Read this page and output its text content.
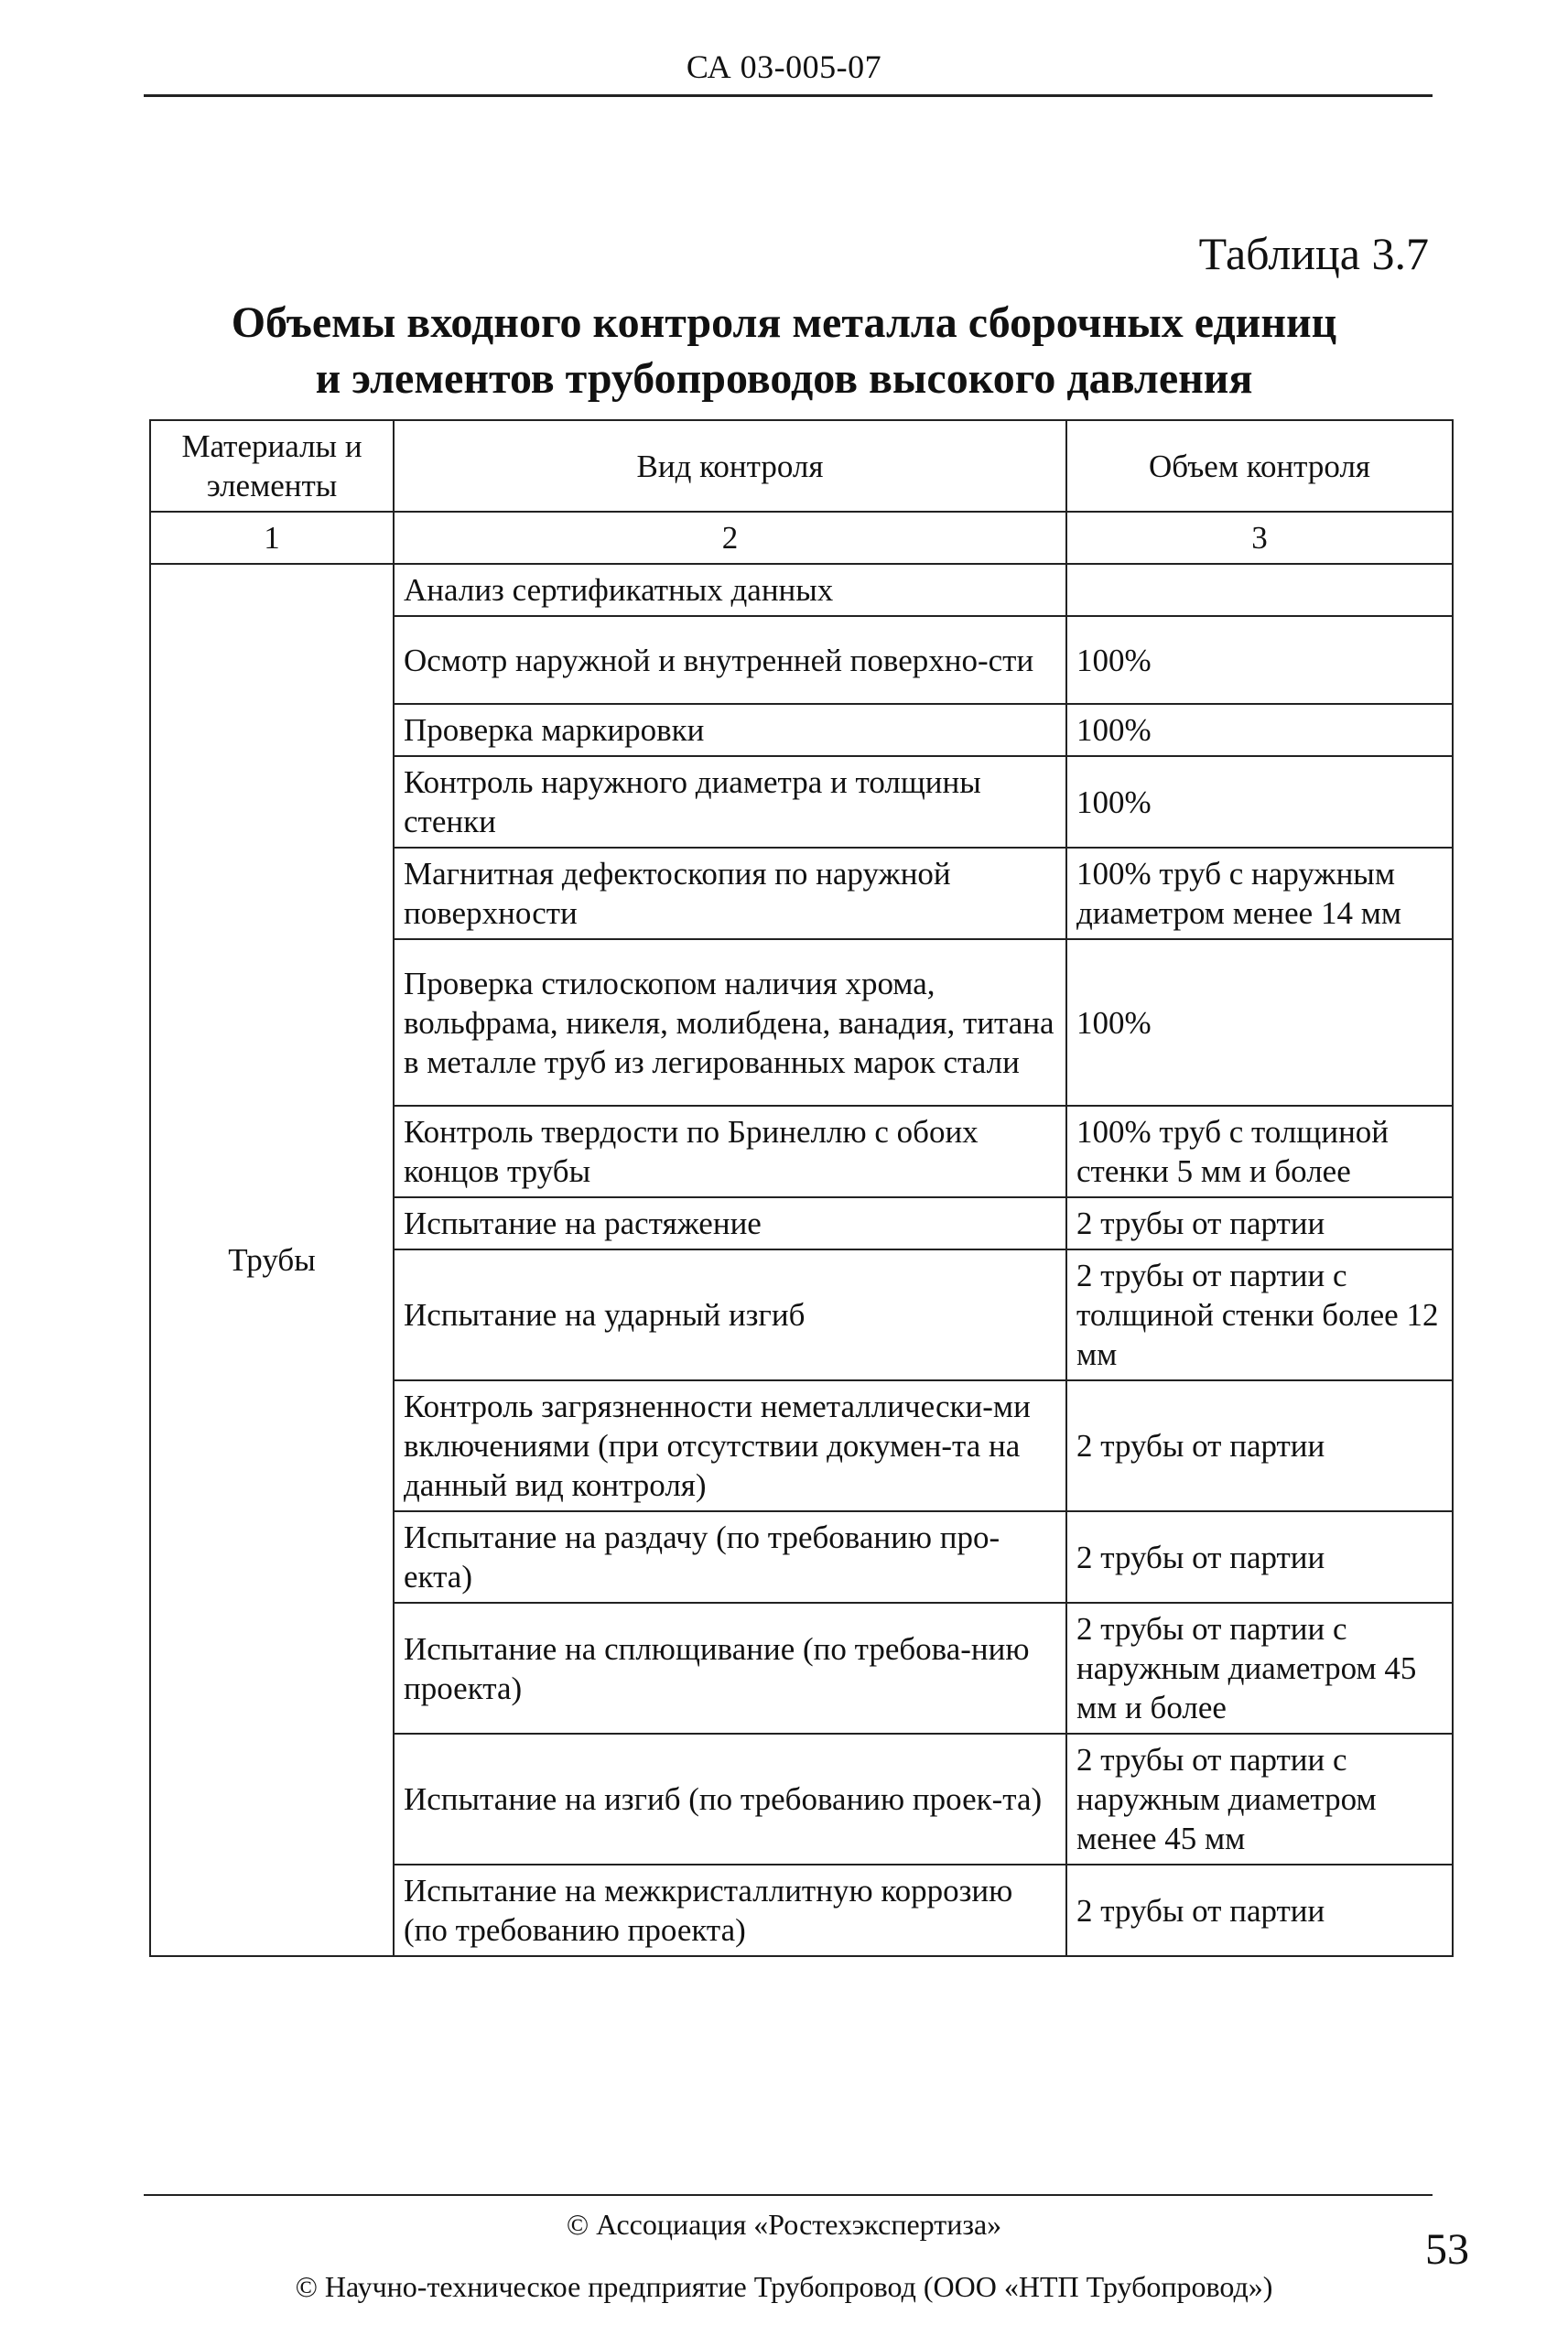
СА 03-005-07
Таблица 3.7
Объемы входного контроля металла сборочных единиц
и элементов трубопроводов высокого давления
Материалы и элементы	Вид контроля	Объем контроля
1	2	3
Трубы	Анализ сертификатных данных	
	Осмотр наружной и внутренней поверхно-сти	100%
	Проверка маркировки	100%
	Контроль наружного диаметра и толщины стенки	100%
	Магнитная дефектоскопия по наружной поверхности	100% труб с наружным диаметром менее 14 мм
	Проверка стилоскопом наличия хрома, вольфрама, никеля, молибдена, ванадия, титана в металле труб из легированных марок стали	100%
	Контроль твердости по Бринеллю с обоих концов трубы	100% труб с толщиной стенки 5 мм и более
	Испытание на растяжение	2 трубы от партии
	Испытание на ударный изгиб	2 трубы от партии с толщиной стенки более 12 мм
	Контроль загрязненности неметаллически-ми включениями (при отсутствии докумен-та на данный вид контроля)	2 трубы от партии
	Испытание на раздачу (по требованию про-екта)	2 трубы от партии
	Испытание на сплющивание (по требова-нию проекта)	2 трубы от партии с наружным диаметром 45 мм и более
	Испытание на изгиб (по требованию проек-та)	2 трубы от партии с наружным диаметром менее 45 мм
	Испытание на межкристаллитную коррозию (по требованию проекта)	2 трубы от партии
© Ассоциация «Ростехэкспертиза»
© Научно-техническое предприятие Трубопровод (ООО «НТП Трубопровод»)
53
